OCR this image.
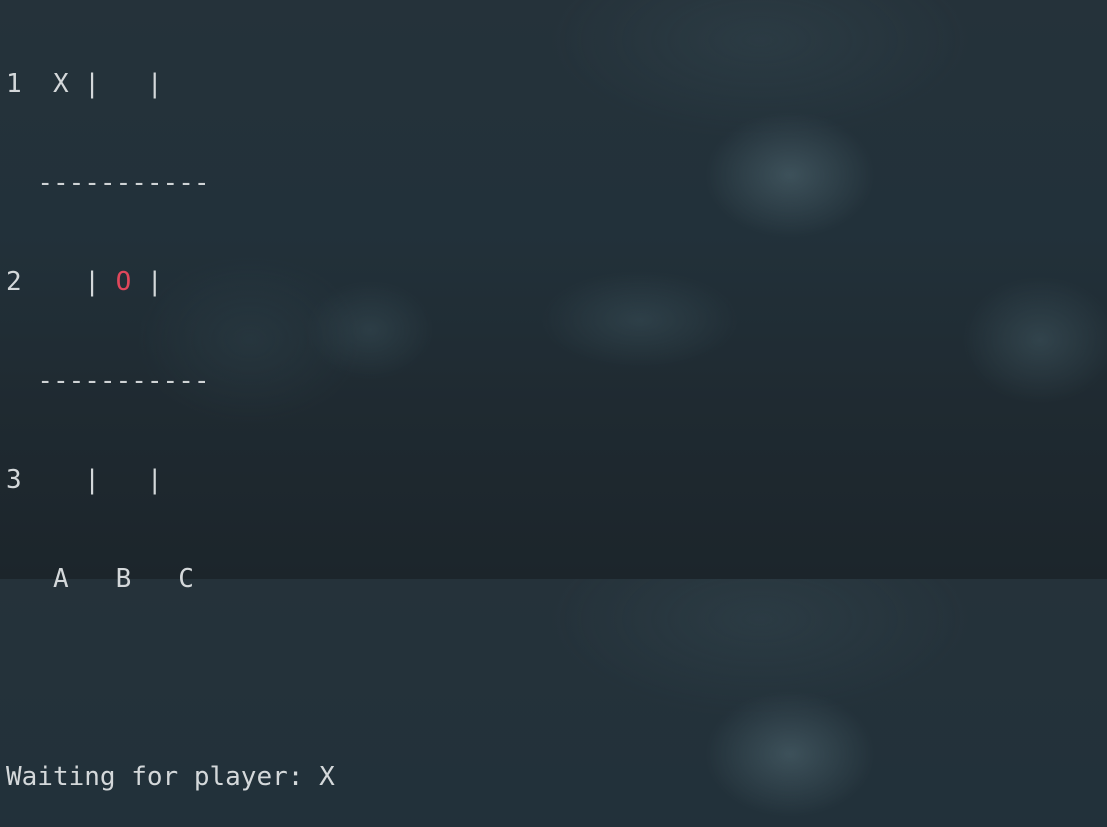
1 X |   |

-----------

2    | O |

-----------

3    |   |

A B C

Waiting for player: X
